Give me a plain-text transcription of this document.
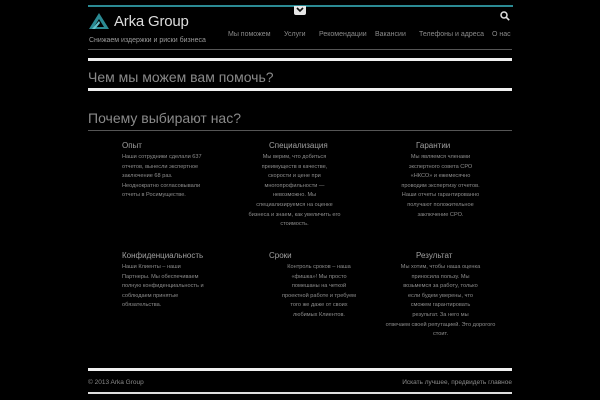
Arka Group
Снижаем издержки и риски бизнеса
Мы поможем Услуги Рекомендации Вакансии Телефоны и адреса О нас
Чем мы можем вам помочь?
Почему выбирают нас?
Опыт

Наши сотрудники сделали 637
отчетов, вынесли экспертное
заключение 68 раз.
Неоднократно согласовывали
отчеты в Росимуществе.

Специализация

Мы верим, что добиться
преимуществ в качестве,
скорости и цене при
многопрофильности —
невозможно. Мы
специализируемся на оценке
бизнеса и знаем, как увеличить его
стоимость.

Гарантии

Мы являемся членами
экспертного совета СРО
«НКСО» и ежемесячно
проводим экспертизу отчетов.
Наши отчеты гарантированно
получают положительное
заключение СРО.

Конфиденциальность

Наши Клиенты – наши
Партнеры. Мы обеспечиваем
полную конфиденциальность и
соблюдаем принятые
обязательства.

Сроки

Контроль сроков – наша
«фишка»! Мы просто
помешаны на четкой
проектной работе и требуем
того же даже от своих
любимых Клиентов.

Результат

Мы хотим, чтобы наша оценка
приносила пользу. Мы
возьмемся за работу, только
если будем уверены, что
сможем гарантировать
результат. За него мы
отвечаем своей репутацией. Это дорогого
стоит.

© 2013 Arka Group	Искать лучшее, предвидеть главное
